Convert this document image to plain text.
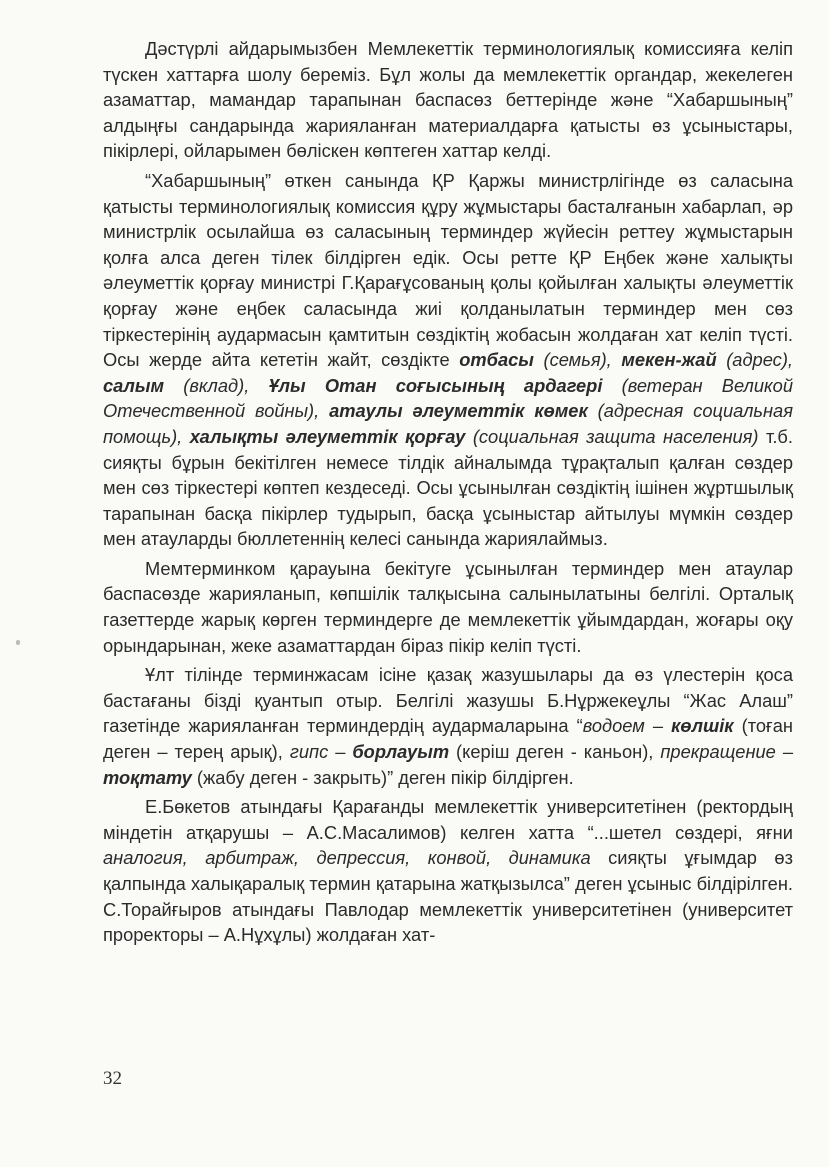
Дәстүрлі айдарымызбен Мемлекеттік терминологиялық комиссияға келіп түскен хаттарға шолу береміз. Бұл жолы да мемлекеттік органдар, жекелеген азаматтар, мамандар тарапынан баспасөз беттерінде және “Хабаршының” алдыңғы сандарында жарияланған материалдарға қатысты өз ұсыныстары, пікірлері, ойларымен бөліскен көптеген хаттар келді.

“Хабаршының” өткен санында ҚР Қаржы министрлігінде өз саласына қатысты терминологиялық комиссия құру жұмыстары басталғанын хабарлап, әр министрлік осылайша өз саласының терминдер жүйесін реттеу жұмыстарын қолға алса деген тілек білдірген едік. Осы ретте ҚР Еңбек және халықты әлеуметтік қорғау министрі Г.Қарағұсованың қолы қойылған халықты әлеуметтік қорғау және еңбек саласында жиі қолданылатын терминдер мен сөз тіркестерінің аудармасын қамтитын сөздіктің жобасын жолдаған хат келіп түсті. Осы жерде айта кететін жайт, сөздікте отбасы (семья), мекен-жай (адрес), салым (вклад), Ұлы Отан соғысының ардагері (ветеран Великой Отечественной войны), атаулы әлеуметтік көмек (адресная социальная помощь), халықты әлеуметтік қорғау (социальная защита населения) т.б. сияқты бұрын бекітілген немесе тілдік айналымда тұрақталып қалған сөздер мен сөз тіркестері көптеп кездеседі. Осы ұсынылған сөздіктің ішінен жұртшылық тарапынан басқа пікірлер тудырып, басқа ұсыныстар айтылуы мүмкін сөздер мен атауларды бюллетеннің келесі санында жариялаймыз.

Мемтерминком қарауына бекітуге ұсынылған терминдер мен атаулар баспасөзде жарияланып, көпшілік талқысына салынылатыны белгілі. Орталық газеттерде жарық көрген терминдерге де мемлекеттік ұйымдардан, жоғары оқу орындарынан, жеке азаматтардан біраз пікір келіп түсті.

Ұлт тілінде терминжасам ісіне қазақ жазушылары да өз үлестерін қоса бастағаны бізді қуантып отыр. Белгілі жазушы Б.Нұржекеұлы “Жас Алаш” газетінде жарияланған терминдердің аудармаларына “водоем – көлшік (тоған деген – терең арық), гипс – борлауыт (кеpiш деген - каньон), прекращение – тоқтату (жабу деген - закрыть)” деген пікір білдірген.

Е.Бөкетов атындағы Қарағанды мемлекеттік университетінен (ректордың міндетін атқарушы – А.С.Масалимов) келген хатта “...шетел сөздері, яғни аналогия, арбитраж, депрессия, конвой, динамика сияқты ұғымдар өз қалпында халықаралық термин қатарына жатқызылса” деген ұсыныс білдірілген. С.Торайғыров атындағы Павлодар мемлекеттік университетінен (университет проректоры – А.Нұхұлы) жолдаған хат-

32
